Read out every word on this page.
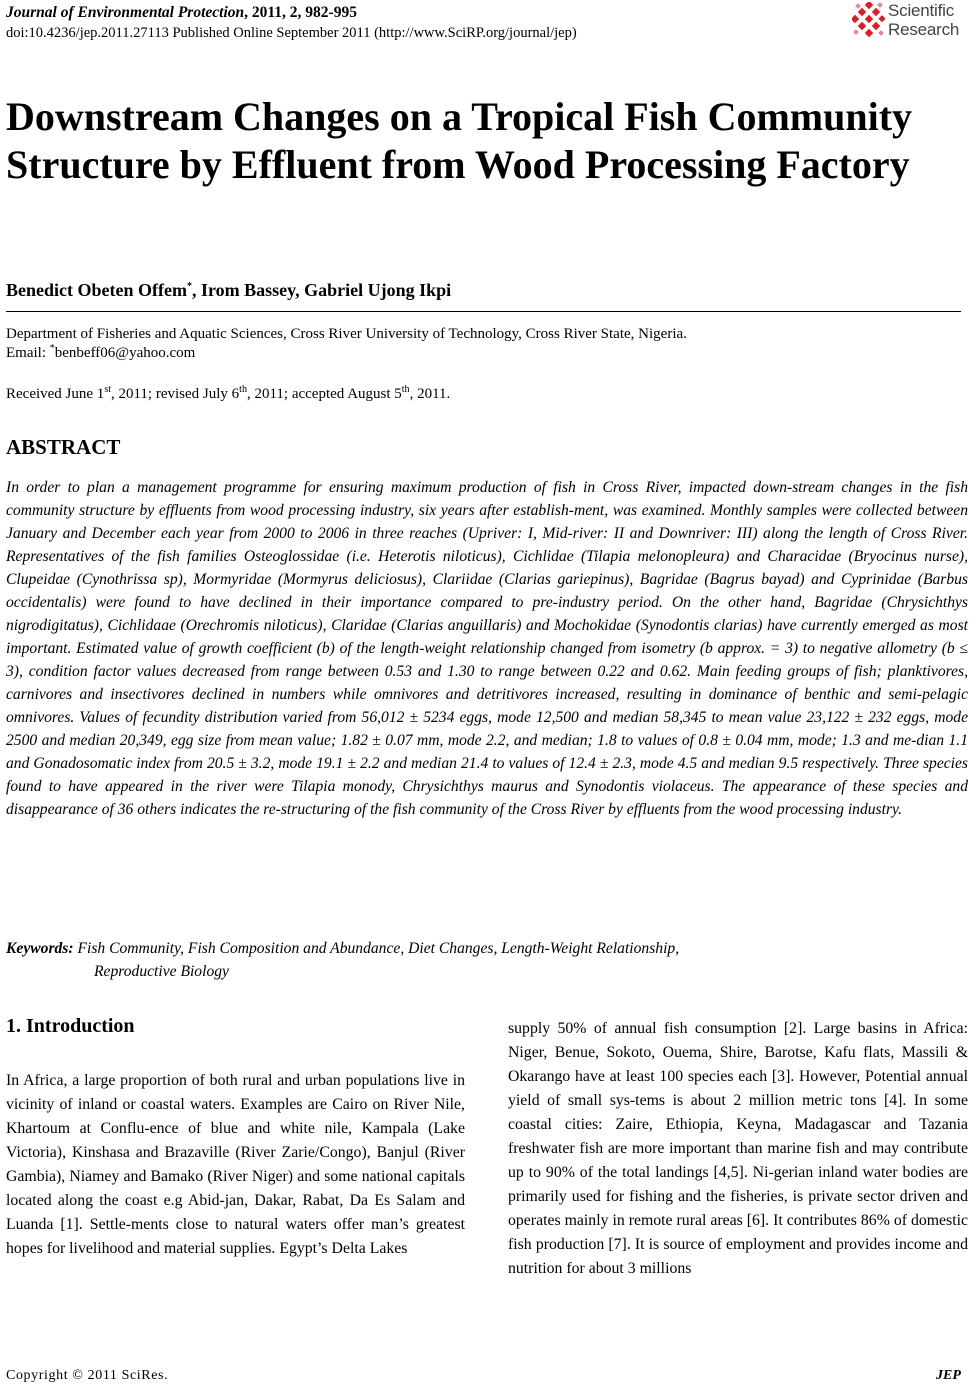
Journal of Environmental Protection, 2011, 2, 982-995
doi:10.4236/jep.2011.27113 Published Online September 2011 (http://www.SciRP.org/journal/jep)
Scientific
Research
Downstream Changes on a Tropical Fish Community Structure by Effluent from Wood Processing Factory
Benedict Obeten Offem*, Irom Bassey, Gabriel Ujong Ikpi
Department of Fisheries and Aquatic Sciences, Cross River University of Technology, Cross River State, Nigeria.
Email: *benbeff06@yahoo.com
Received June 1st, 2011; revised July 6th, 2011; accepted August 5th, 2011.
ABSTRACT

In order to plan a management programme for ensuring maximum production of fish in Cross River, impacted down-stream changes in the fish community structure by effluents from wood processing industry, six years after establish-ment, was examined. Monthly samples were collected between January and December each year from 2000 to 2006 in three reaches (Upriver: I, Mid-river: II and Downriver: III) along the length of Cross River. Representatives of the fish families Osteoglossidae (i.e. Heterotis niloticus), Cichlidae (Tilapia melonopleura) and Characidae (Bryocinus nurse), Clupeidae (Cynothrissa sp), Mormyridae (Mormyrus deliciosus), Clariidae (Clarias gariepinus), Bagridae (Bagrus bayad) and Cyprinidae (Barbus occidentalis) were found to have declined in their importance compared to pre-industry period. On the other hand, Bagridae (Chrysichthys nigrodigitatus), Cichlidaae (Orechromis niloticus), Claridae (Clarias anguillaris) and Mochokidae (Synodontis clarias) have currently emerged as most important. Estimated value of growth coefficient (b) of the length-weight relationship changed from isometry (b approx. = 3) to negative allometry (b ≤ 3), condition factor values decreased from range between 0.53 and 1.30 to range between 0.22 and 0.62. Main feeding groups of fish; planktivores, carnivores and insectivores declined in numbers while omnivores and detritivores increased, resulting in dominance of benthic and semi-pelagic omnivores. Values of fecundity distribution varied from 56,012 ± 5234 eggs, mode 12,500 and median 58,345 to mean value 23,122 ± 232 eggs, mode 2500 and median 20,349, egg size from mean value; 1.82 ± 0.07 mm, mode 2.2, and median; 1.8 to values of 0.8 ± 0.04 mm, mode; 1.3 and me-dian 1.1 and Gonadosomatic index from 20.5 ± 3.2, mode 19.1 ± 2.2 and median 21.4 to values of 12.4 ± 2.3, mode 4.5 and median 9.5 respectively. Three species found to have appeared in the river were Tilapia monody, Chrysichthys maurus and Synodontis violaceus. The appearance of these species and disappearance of 36 others indicates the re-structuring of the fish community of the Cross River by effluents from the wood processing industry.

Keywords: Fish Community, Fish Composition and Abundance, Diet Changes, Length-Weight Relationship,
Reproductive Biology
1. Introduction

In Africa, a large proportion of both rural and urban populations live in vicinity of inland or coastal waters. Examples are Cairo on River Nile, Khartoum at Conflu-ence of blue and white nile, Kampala (Lake Victoria), Kinshasa and Brazaville (River Zarie/Congo), Banjul (River Gambia), Niamey and Bamako (River Niger) and some national capitals located along the coast e.g Abid-jan, Dakar, Rabat, Da Es Salam and Luanda [1]. Settle-ments close to natural waters offer man’s greatest hopes for livelihood and material supplies. Egypt’s Delta Lakes

supply 50% of annual fish consumption [2]. Large basins in Africa: Niger, Benue, Sokoto, Ouema, Shire, Barotse, Kafu flats, Massili & Okarango have at least 100 species each [3]. However, Potential annual yield of small sys-tems is about 2 million metric tons [4]. In some coastal cities: Zaire, Ethiopia, Keyna, Madagascar and Tazania freshwater fish are more important than marine fish and may contribute up to 90% of the total landings [4,5]. Ni-gerian inland water bodies are primarily used for fishing and the fisheries, is private sector driven and operates mainly in remote rural areas [6]. It contributes 86% of domestic fish production [7]. It is source of employment and provides income and nutrition for about 3 millions

Copyright © 2011 SciRes.	JEP
